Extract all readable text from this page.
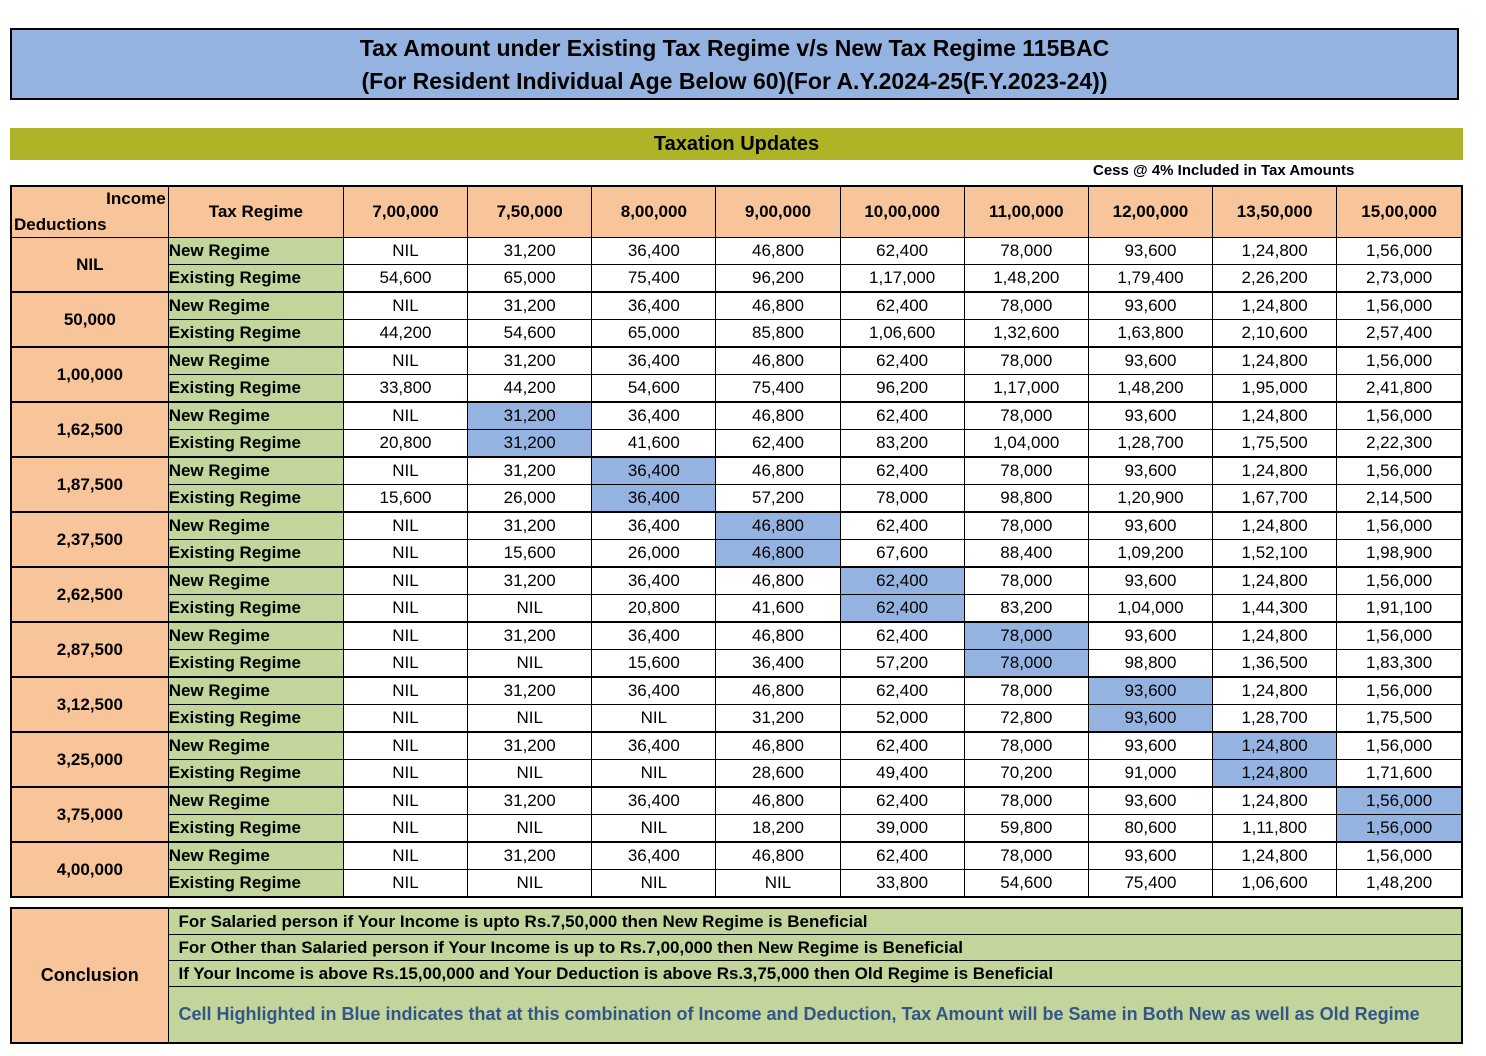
Tax Amount under Existing Tax Regime v/s New Tax Regime 115BAC
(For Resident Individual Age Below 60)(For A.Y.2024-25(F.Y.2023-24))
Taxation Updates
Cess @ 4% Included in Tax Amounts
Income
Deductions	Tax Regime	7,00,000	7,50,000	8,00,000	9,00,000	10,00,000	11,00,000	12,00,000	13,50,000	15,00,000
NIL	New Regime	NIL	31,200	36,400	46,800	62,400	78,000	93,600	1,24,800	1,56,000
	Existing Regime	54,600	65,000	75,400	96,200	1,17,000	1,48,200	1,79,400	2,26,200	2,73,000
50,000	New Regime	NIL	31,200	36,400	46,800	62,400	78,000	93,600	1,24,800	1,56,000
	Existing Regime	44,200	54,600	65,000	85,800	1,06,600	1,32,600	1,63,800	2,10,600	2,57,400
1,00,000	New Regime	NIL	31,200	36,400	46,800	62,400	78,000	93,600	1,24,800	1,56,000
	Existing Regime	33,800	44,200	54,600	75,400	96,200	1,17,000	1,48,200	1,95,000	2,41,800
1,62,500	New Regime	NIL	31,200	36,400	46,800	62,400	78,000	93,600	1,24,800	1,56,000
	Existing Regime	20,800	31,200	41,600	62,400	83,200	1,04,000	1,28,700	1,75,500	2,22,300
1,87,500	New Regime	NIL	31,200	36,400	46,800	62,400	78,000	93,600	1,24,800	1,56,000
	Existing Regime	15,600	26,000	36,400	57,200	78,000	98,800	1,20,900	1,67,700	2,14,500
2,37,500	New Regime	NIL	31,200	36,400	46,800	62,400	78,000	93,600	1,24,800	1,56,000
	Existing Regime	NIL	15,600	26,000	46,800	67,600	88,400	1,09,200	1,52,100	1,98,900
2,62,500	New Regime	NIL	31,200	36,400	46,800	62,400	78,000	93,600	1,24,800	1,56,000
	Existing Regime	NIL	NIL	20,800	41,600	62,400	83,200	1,04,000	1,44,300	1,91,100
2,87,500	New Regime	NIL	31,200	36,400	46,800	62,400	78,000	93,600	1,24,800	1,56,000
	Existing Regime	NIL	NIL	15,600	36,400	57,200	78,000	98,800	1,36,500	1,83,300
3,12,500	New Regime	NIL	31,200	36,400	46,800	62,400	78,000	93,600	1,24,800	1,56,000
	Existing Regime	NIL	NIL	NIL	31,200	52,000	72,800	93,600	1,28,700	1,75,500
3,25,000	New Regime	NIL	31,200	36,400	46,800	62,400	78,000	93,600	1,24,800	1,56,000
	Existing Regime	NIL	NIL	NIL	28,600	49,400	70,200	91,000	1,24,800	1,71,600
3,75,000	New Regime	NIL	31,200	36,400	46,800	62,400	78,000	93,600	1,24,800	1,56,000
	Existing Regime	NIL	NIL	NIL	18,200	39,000	59,800	80,600	1,11,800	1,56,000
4,00,000	New Regime	NIL	31,200	36,400	46,800	62,400	78,000	93,600	1,24,800	1,56,000
	Existing Regime	NIL	NIL	NIL	NIL	33,800	54,600	75,400	1,06,600	1,48,200
Conclusion	For Salaried person if Your Income is upto Rs.7,50,000 then New Regime is Beneficial
For Other than Salaried person if Your Income is up to Rs.7,00,000 then New Regime is Beneficial
If Your Income is above Rs.15,00,000 and Your Deduction is above Rs.3,75,000 then Old Regime is Beneficial
Cell Highlighted in Blue indicates that at this combination of Income and Deduction, Tax Amount will be Same in Both New as well as Old Regime
